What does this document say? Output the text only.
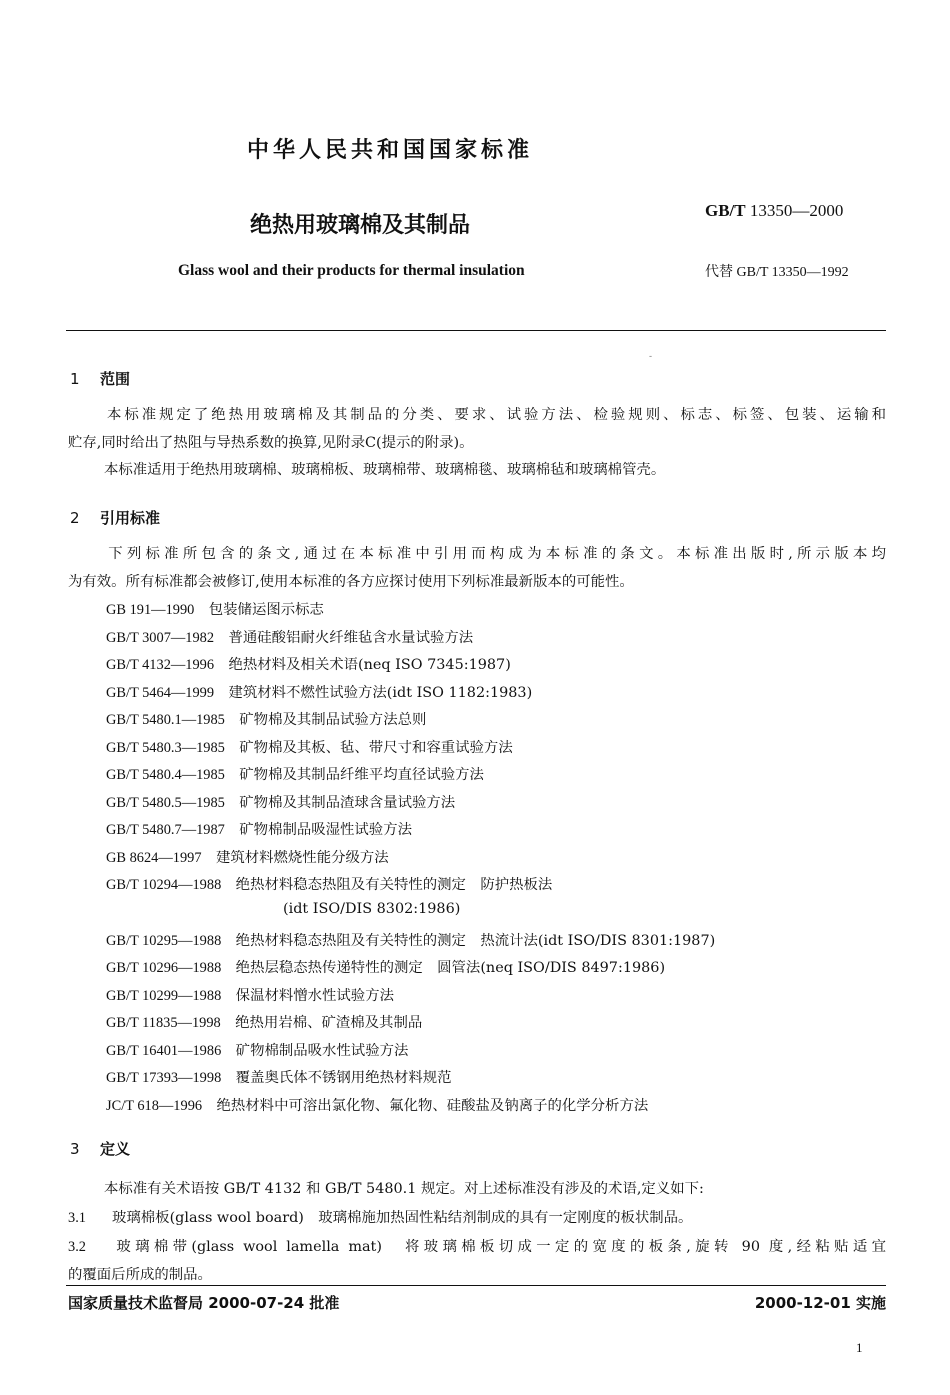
中华人民共和国国家标准
绝热用玻璃棉及其制品
GB/T 13350—2000
Glass wool and their products for thermal insulation	代替 GB/T 13350—1992
-
1 范围
本标准规定了绝热用玻璃棉及其制品的分类、要求、试验方法、检验规则、标志、标签、包装、运输和
贮存,同时给出了热阻与导热系数的换算,见附录C(提示的附录)。
本标准适用于绝热用玻璃棉、玻璃棉板、玻璃棉带、玻璃棉毯、玻璃棉毡和玻璃棉管壳。
2 引用标准
下列标准所包含的条文,通过在本标准中引用而构成为本标准的条文。本标准出版时,所示版本均
为有效。所有标准都会被修订,使用本标准的各方应探讨使用下列标准最新版本的可能性。
GB 191—1990　 包装储运图示标志
GB/T 3007—1982　 普通硅酸铝耐火纤维毡含水量试验方法
GB/T 4132—1996　 绝热材料及相关术语(neq ISO 7345:1987)
GB/T 5464—1999　 建筑材料不燃性试验方法(idt ISO 1182:1983)
GB/T 5480.1—1985　 矿物棉及其制品试验方法总则
GB/T 5480.3—1985　 矿物棉及其板、毡、带尺寸和容重试验方法
GB/T 5480.4—1985　 矿物棉及其制品纤维平均直径试验方法
GB/T 5480.5—1985　 矿物棉及其制品渣球含量试验方法
GB/T 5480.7—1987　 矿物棉制品吸湿性试验方法
GB 8624—1997　 建筑材料燃烧性能分级方法
GB/T 10294—1988　 绝热材料稳态热阻及有关特性的测定　防护热板法
(idt ISO/DIS 8302:1986)
GB/T 10295—1988　 绝热材料稳态热阻及有关特性的测定　热流计法(idt ISO/DIS 8301:1987)
GB/T 10296—1988　 绝热层稳态热传递特性的测定　圆管法(neq ISO/DIS 8497:1986)
GB/T 10299—1988　 保温材料憎水性试验方法
GB/T 11835—1998　 绝热用岩棉、矿渣棉及其制品
GB/T 16401—1986　 矿物棉制品吸水性试验方法
GB/T 17393—1998　 覆盖奥氏体不锈钢用绝热材料规范
JC/T 618—1996　 绝热材料中可溶出氯化物、氟化物、硅酸盐及钠离子的化学分析方法
3 定义
本标准有关术语按 GB/T 4132 和 GB/T 5480.1 规定。对上述标准没有涉及的术语,定义如下:
3.1 玻璃棉板(glass wool board)　玻璃棉施加热固性粘结剂制成的具有一定刚度的板状制品。
3.2 玻璃棉带(glass wool lamella mat)　将玻璃棉板切成一定的宽度的板条,旋转 90 度,经粘贴适宜
的覆面后所成的制品。
国家质量技术监督局 2000-07-24 批准	2000-12-01 实施
1
